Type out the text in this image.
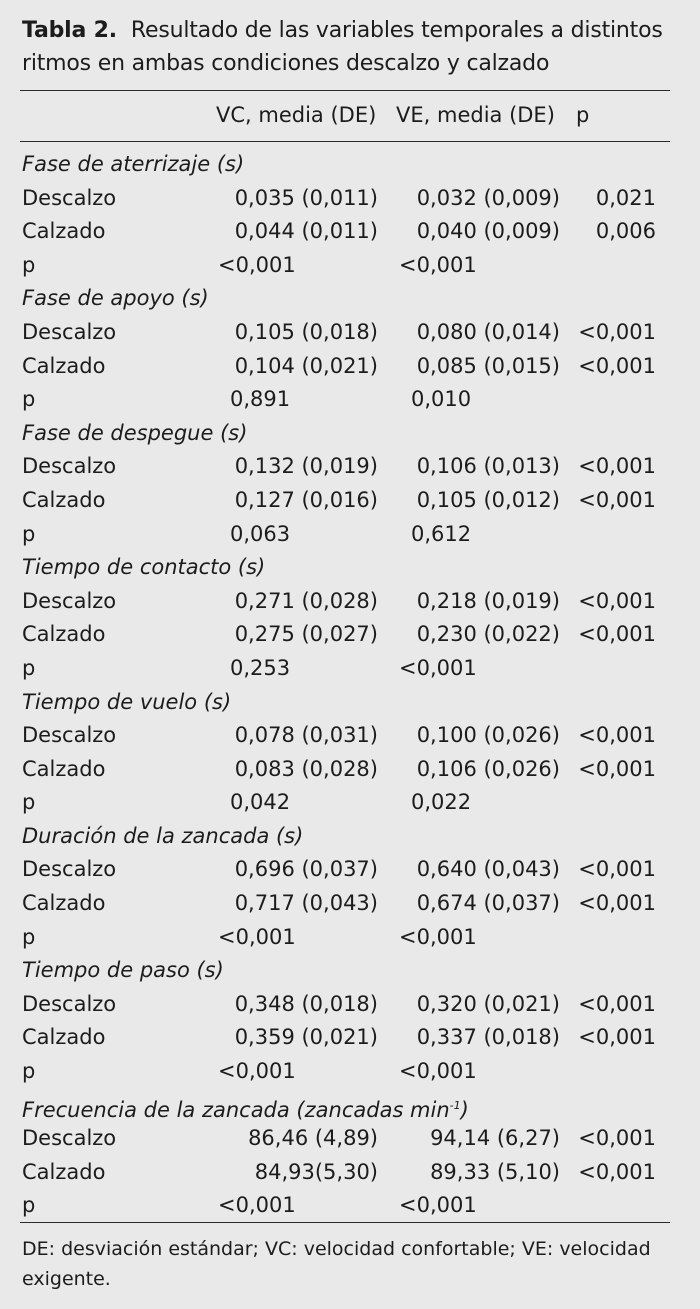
Tabla 2. Resultado de las variables temporales a distintos ritmos en ambas condiciones descalzo y calzado
VC, media (DE) VE, media (DE) p
Fase de aterrizaje (s)
Descalzo	0,035 (0,011) 0,032 (0,009) 0,021
Calzado	0,044 (0,011) 0,040 (0,009) 0,006
p	<0,001	<0,001
Fase de apoyo (s)
Descalzo	0,105 (0,018) 0,080 (0,014) <0,001
Calzado	0,104 (0,021) 0,085 (0,015) <0,001
p	0,891	0,010
Fase de despegue (s)
Descalzo	0,132 (0,019) 0,106 (0,013) <0,001
Calzado	0,127 (0,016) 0,105 (0,012) <0,001
p	0,063	0,612
Tiempo de contacto (s)
Descalzo	0,271 (0,028) 0,218 (0,019) <0,001
Calzado	0,275 (0,027) 0,230 (0,022) <0,001
p	0,253	<0,001
Tiempo de vuelo (s)
Descalzo	0,078 (0,031) 0,100 (0,026) <0,001
Calzado	0,083 (0,028) 0,106 (0,026) <0,001
p	0,042	0,022
Duración de la zancada (s)
Descalzo	0,696 (0,037) 0,640 (0,043) <0,001
Calzado	0,717 (0,043) 0,674 (0,037) <0,001
p	<0,001	<0,001
Tiempo de paso (s)
Descalzo	0,348 (0,018) 0,320 (0,021) <0,001
Calzado	0,359 (0,021) 0,337 (0,018) <0,001
p	<0,001	<0,001
Frecuencia de la zancada (zancadas $\min^{-1}$)
Descalzo	86,46 (4,89) 94,14 (6,27) <0,001
Calzado	84,93(5,30) 89,33 (5,10) <0,001
p	<0,001	<0,001
DE: desviación estándar; VC: velocidad confortable; VE: velocidad exigente.
